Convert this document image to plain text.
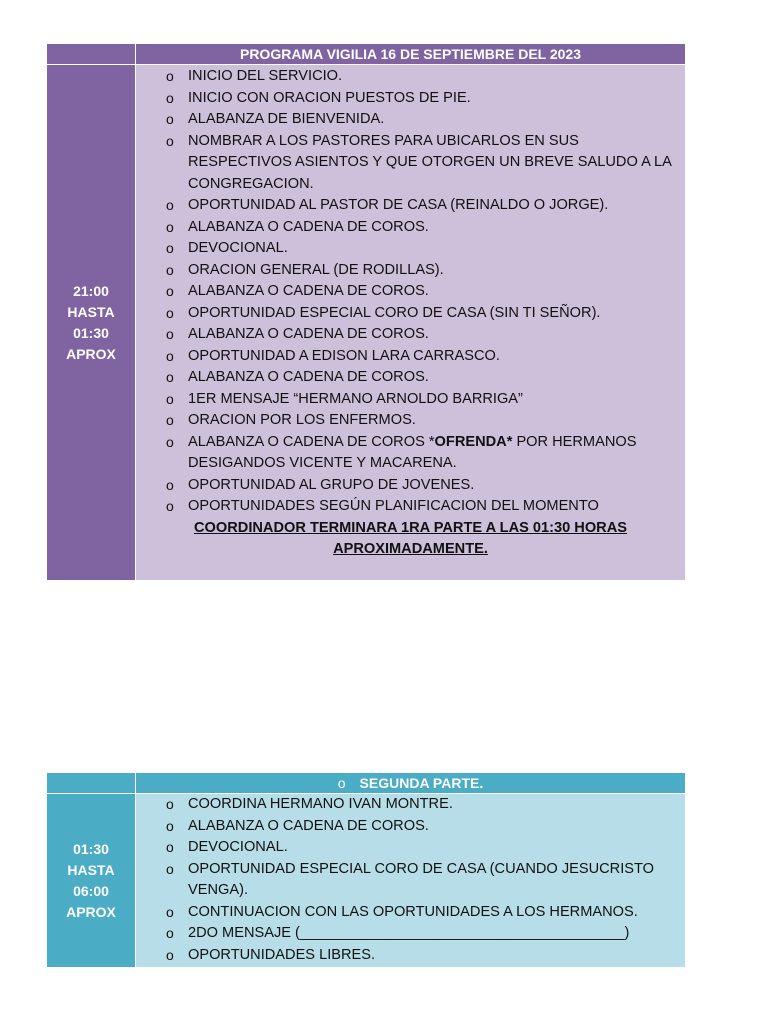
PROGRAMA VIGILIA 16 DE SEPTIEMBRE DEL 2023
21:00
HASTA
01:30
APROX
o INICIO DEL SERVICIO.
o INICIO CON ORACION PUESTOS DE PIE.
o ALABANZA DE BIENVENIDA.
o NOMBRAR A LOS PASTORES PARA UBICARLOS EN SUS RESPECTIVOS ASIENTOS Y QUE OTORGEN UN BREVE SALUDO A LA CONGREGACION.
o OPORTUNIDAD AL PASTOR DE CASA (REINALDO O JORGE).
o ALABANZA O CADENA DE COROS.
o DEVOCIONAL.
o ORACION GENERAL (DE RODILLAS).
o ALABANZA O CADENA DE COROS.
o OPORTUNIDAD ESPECIAL CORO DE CASA (SIN TI SEÑOR).
o ALABANZA O CADENA DE COROS.
o OPORTUNIDAD A EDISON LARA CARRASCO.
o ALABANZA O CADENA DE COROS.
o 1ER MENSAJE “HERMANO ARNOLDO BARRIGA”
o ORACION POR LOS ENFERMOS.
o ALABANZA O CADENA DE COROS *OFRENDA* POR HERMANOS DESIGANDOS VICENTE Y MACARENA.
o OPORTUNIDAD AL GRUPO DE JOVENES.
o OPORTUNIDADES SEGÚN PLANIFICACION DEL MOMENTO
COORDINADOR TERMINARA 1RA PARTE A LAS 01:30 HORAS APROXIMADAMENTE.
o SEGUNDA PARTE.
01:30
HASTA
06:00
APROX
o COORDINA HERMANO IVAN MONTRE.
o ALABANZA O CADENA DE COROS.
o DEVOCIONAL.
o OPORTUNIDAD ESPECIAL CORO DE CASA (CUANDO JESUCRISTO VENGA).
o CONTINUACION CON LAS OPORTUNIDADES A LOS HERMANOS.
o 2DO MENSAJE (________________________________________)
o OPORTUNIDADES LIBRES.
